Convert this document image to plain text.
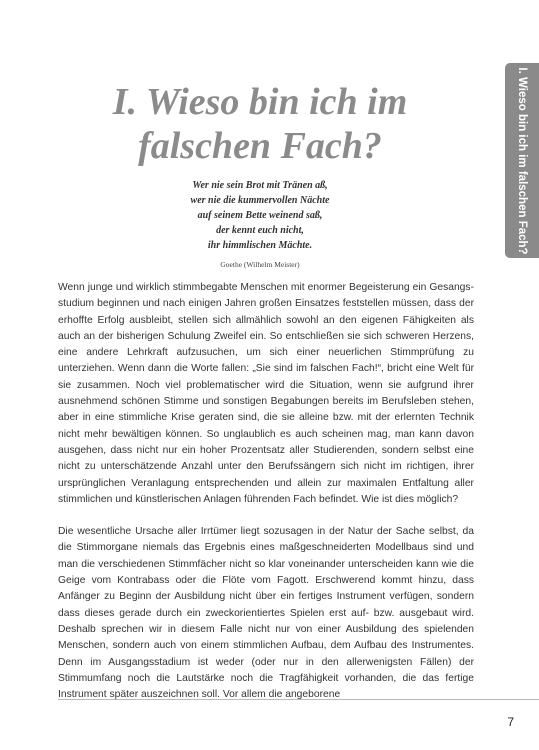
I. Wieso bin ich im
falschen Fach?	I. Wieso bin ich im falschen Fach?
Wer nie sein Brot mit Tränen aß,
wer nie die kummervollen Nächte
auf seinem Bette weinend saß,
der kennt euch nicht,
ihr himmlischen Mächte.
Goethe (Wilhelm Meister)

Wenn junge und wirklich stimmbegabte Menschen mit enormer Begeisterung ein Gesangsstudium beginnen und nach einigen Jahren großen Einsatzes feststellen müssen, dass der erhoffte Erfolg ausbleibt, stellen sich allmählich sowohl an den eigenen Fähigkeiten als auch an der bisherigen Schulung Zweifel ein. So entschließen sie sich schweren Herzens, eine andere Lehrkraft aufzusuchen, um sich einer neuerlichen Stimmprüfung zu unterziehen. Wenn dann die Worte fallen: „Sie sind im falschen Fach!“, bricht eine Welt für sie zusammen. Noch viel problematischer wird die Situation, wenn sie aufgrund ihrer ausnehmend schönen Stimme und sonstigen Begabungen bereits im Berufsleben stehen, aber in eine stimmliche Krise geraten sind, die sie alleine bzw. mit der erlernten Technik nicht mehr bewältigen können. So unglaublich es auch scheinen mag, man kann davon ausgehen, dass nicht nur ein hoher Prozentsatz aller Studierenden, sondern selbst eine nicht zu unterschätzende Anzahl unter den Berufssängern sich nicht im richtigen, ihrer ursprünglichen Veranlagung entsprechenden und allein zur maximalen Entfaltung aller stimmlichen und künstlerischen Anlagen führenden Fach befindet. Wie ist dies möglich?

Die wesentliche Ursache aller Irrtümer liegt sozusagen in der Natur der Sache selbst, da die Stimmorgane niemals das Ergebnis eines maßgeschneiderten Modellbaus sind und man die verschiedenen Stimmfächer nicht so klar voneinander unterscheiden kann wie die Geige vom Kontrabass oder die Flöte vom Fagott. Erschwerend kommt hinzu, dass Anfänger zu Beginn der Ausbildung nicht über ein fertiges Instrument verfügen, sondern dass dieses gerade durch ein zweckorientiertes Spielen erst auf- bzw. ausgebaut wird. Deshalb sprechen wir in diesem Falle nicht nur von einer Ausbildung des spielenden Menschen, sondern auch von einem stimmlichen Aufbau, dem Aufbau des Instrumentes. Denn im Ausgangsstadium ist weder (oder nur in den allerwenigsten Fällen) der Stimmumfang noch die Lautstärke noch die Tragfähigkeit vorhanden, die das fertige Instrument später auszeichnen soll. Vor allem die angeborene

7
